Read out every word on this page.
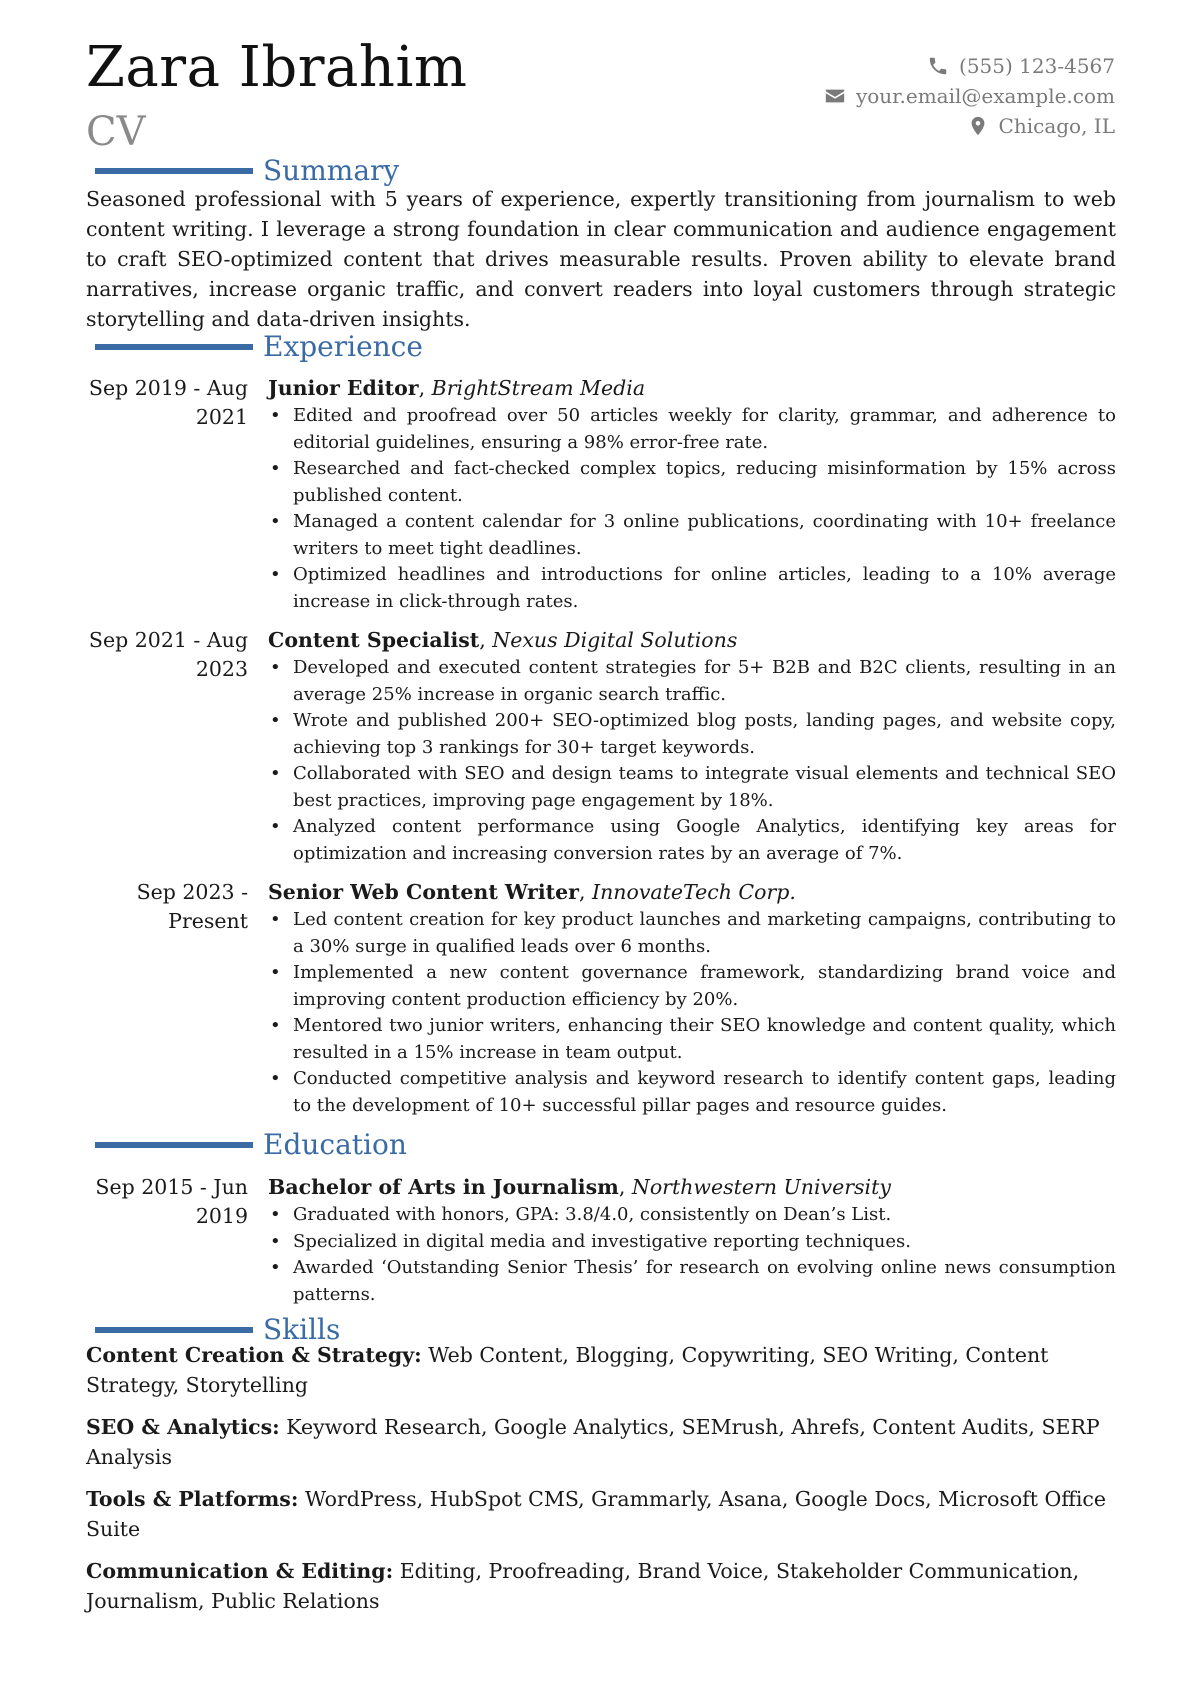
Zara Ibrahim
CV
(555) 123-4567
your.email@example.com
Chicago, IL
Summary

Seasoned professional with 5 years of experience, expertly transitioning from journalism to web content writing. I leverage a strong foundation in clear communication and audience engagement to craft SEO-optimized content that drives measurable results. Proven ability to elevate brand narratives, increase organic traffic, and convert readers into loyal customers through strategic storytelling and data-driven insights.

Experience
Sep 2019 - Aug 2021
Junior Editor, BrightStream Media
• Edited and proofread over 50 articles weekly for clarity, grammar, and adherence to editorial guidelines, ensuring a 98% error-free rate.
• Researched and fact-checked complex topics, reducing misinformation by 15% across published content.
• Managed a content calendar for 3 online publications, coordinating with 10+ freelance writers to meet tight deadlines.
• Optimized headlines and introductions for online articles, leading to a 10% average increase in click-through rates.
Sep 2021 - Aug 2023
Content Specialist, Nexus Digital Solutions
• Developed and executed content strategies for 5+ B2B and B2C clients, resulting in an average 25% increase in organic search traffic.
• Wrote and published 200+ SEO-optimized blog posts, landing pages, and website copy, achieving top 3 rankings for 30+ target keywords.
• Collaborated with SEO and design teams to integrate visual elements and technical SEO best practices, improving page engagement by 18%.
• Analyzed content performance using Google Analytics, identifying key areas for optimization and increasing conversion rates by an average of 7%.
Sep 2023 - Present
Senior Web Content Writer, InnovateTech Corp.
• Led content creation for key product launches and marketing campaigns, contributing to a 30% surge in qualified leads over 6 months.
• Implemented a new content governance framework, standardizing brand voice and improving content production efficiency by 20%.
• Mentored two junior writers, enhancing their SEO knowledge and content quality, which resulted in a 15% increase in team output.
• Conducted competitive analysis and keyword research to identify content gaps, leading to the development of 10+ successful pillar pages and resource guides.
Education
Sep 2015 - Jun 2019
Bachelor of Arts in Journalism, Northwestern University
• Graduated with honors, GPA: 3.8/4.0, consistently on Dean’s List.
• Specialized in digital media and investigative reporting techniques.
• Awarded ‘Outstanding Senior Thesis’ for research on evolving online news consumption patterns.
Skills
Content Creation & Strategy: Web Content, Blogging, Copywriting, SEO Writing, Content Strategy, Storytelling
SEO & Analytics: Keyword Research, Google Analytics, SEMrush, Ahrefs, Content Audits, SERP Analysis
Tools & Platforms: WordPress, HubSpot CMS, Grammarly, Asana, Google Docs, Microsoft Office Suite
Communication & Editing: Editing, Proofreading, Brand Voice, Stakeholder Communication, Journalism, Public Relations
